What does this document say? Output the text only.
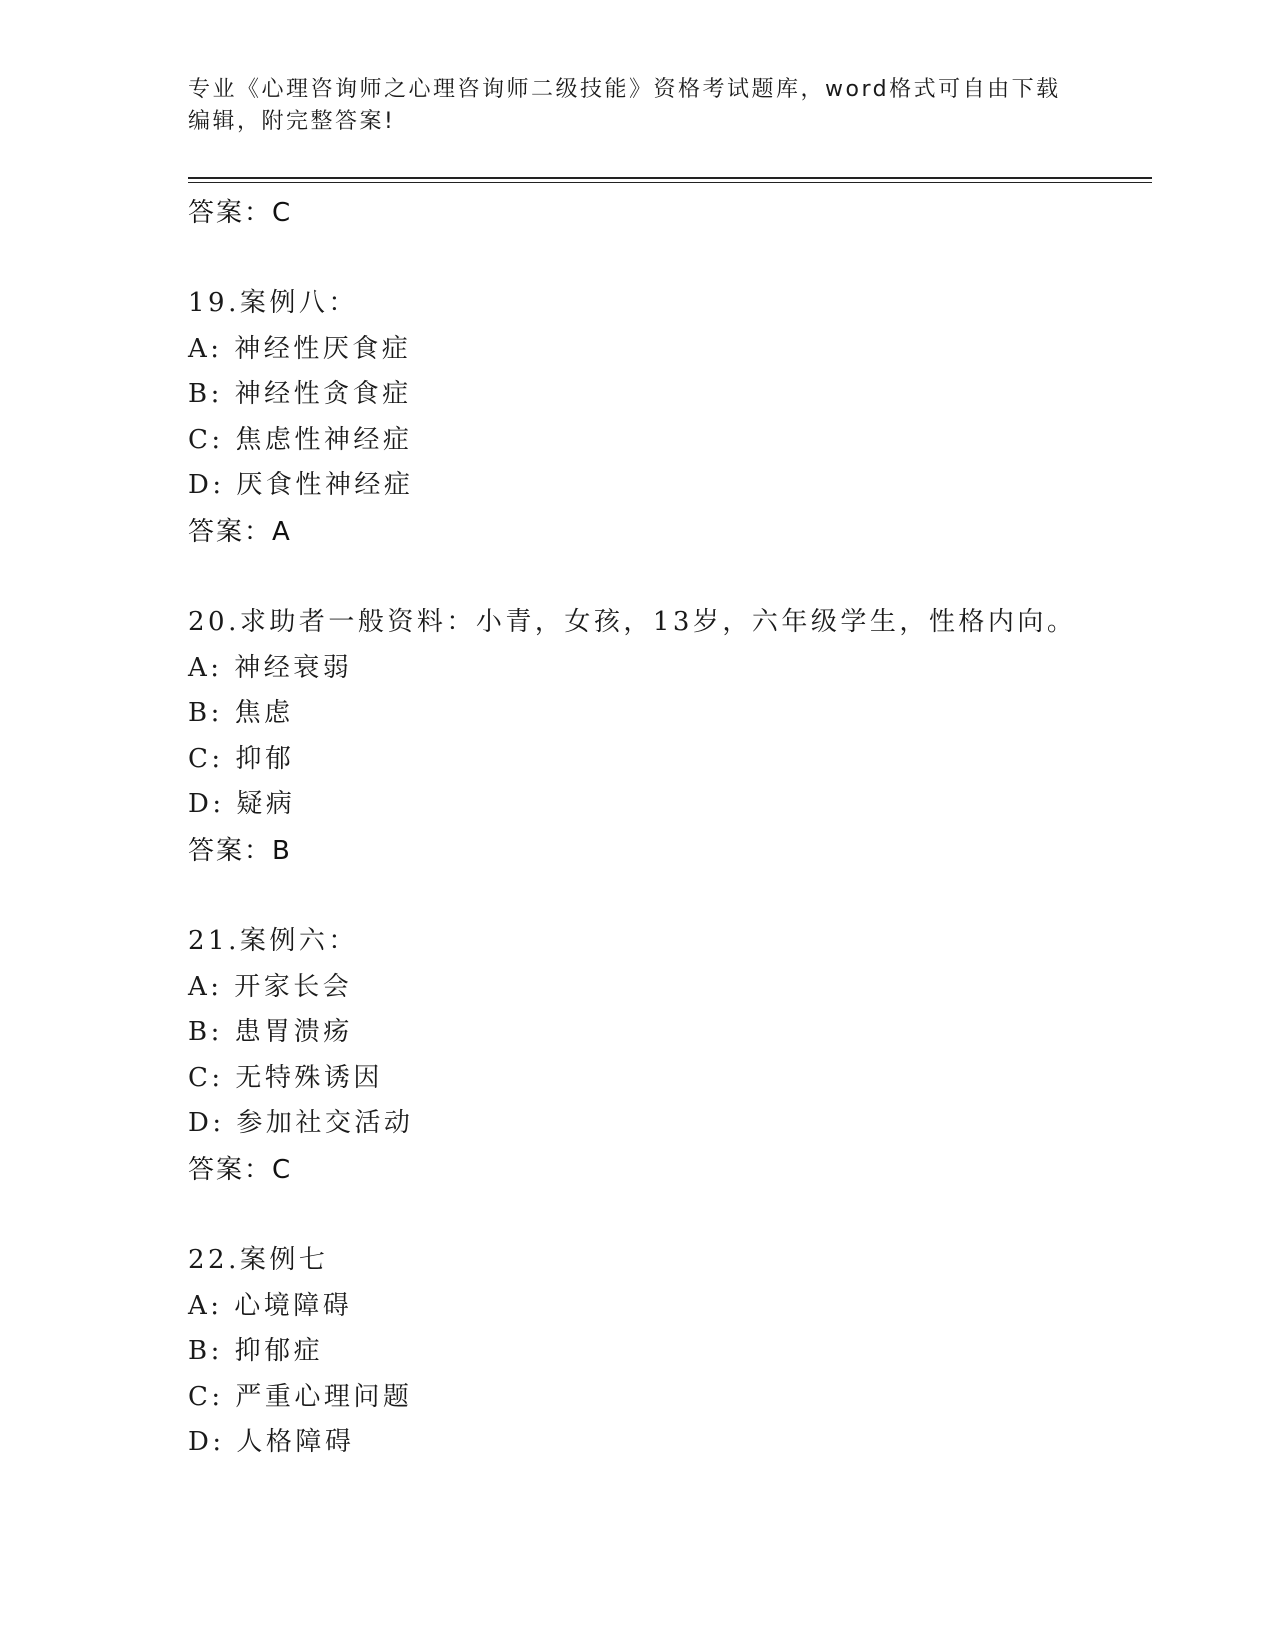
专业《心理咨询师之心理咨询师二级技能》资格考试题库，word格式可自由下载
编辑，附完整答案!
答案：C
19.案例八：
A: 神经性厌食症
B: 神经性贪食症
C: 焦虑性神经症
D: 厌食性神经症
答案：A
20.求助者一般资料：小青，女孩，13岁，六年级学生，性格内向。
A: 神经衰弱
B: 焦虑
C: 抑郁
D: 疑病
答案：B
21.案例六：
A: 开家长会
B: 患胃溃疡
C: 无特殊诱因
D: 参加社交活动
答案：C
22.案例七
A: 心境障碍
B: 抑郁症
C: 严重心理问题
D: 人格障碍
